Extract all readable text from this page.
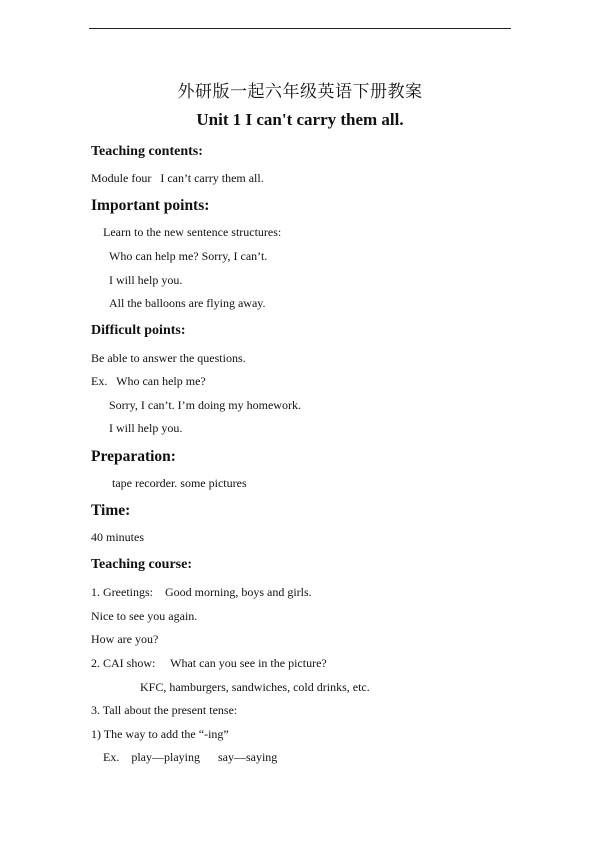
外研版一起六年级英语下册教案
Unit 1 I can't carry them all.
Teaching contents:
Module four   I can’t carry them all.
Important points:
Learn to the new sentence structures:
Who can help me? Sorry, I can’t.
I will help you.
All the balloons are flying away.
Difficult points:
Be able to answer the questions.
Ex.   Who can help me?
Sorry, I can’t. I’m doing my homework.
I will help you.
Preparation:
tape recorder. some pictures
Time:
40 minutes
Teaching course:
1. Greetings:    Good morning, boys and girls.
Nice to see you again.
How are you?
2. CAI show:     What can you see in the picture?
KFC, hamburgers, sandwiches, cold drinks, etc.
3. Tall about the present tense:
1) The way to add the “-ing”
Ex.    play—playing      say—saying
